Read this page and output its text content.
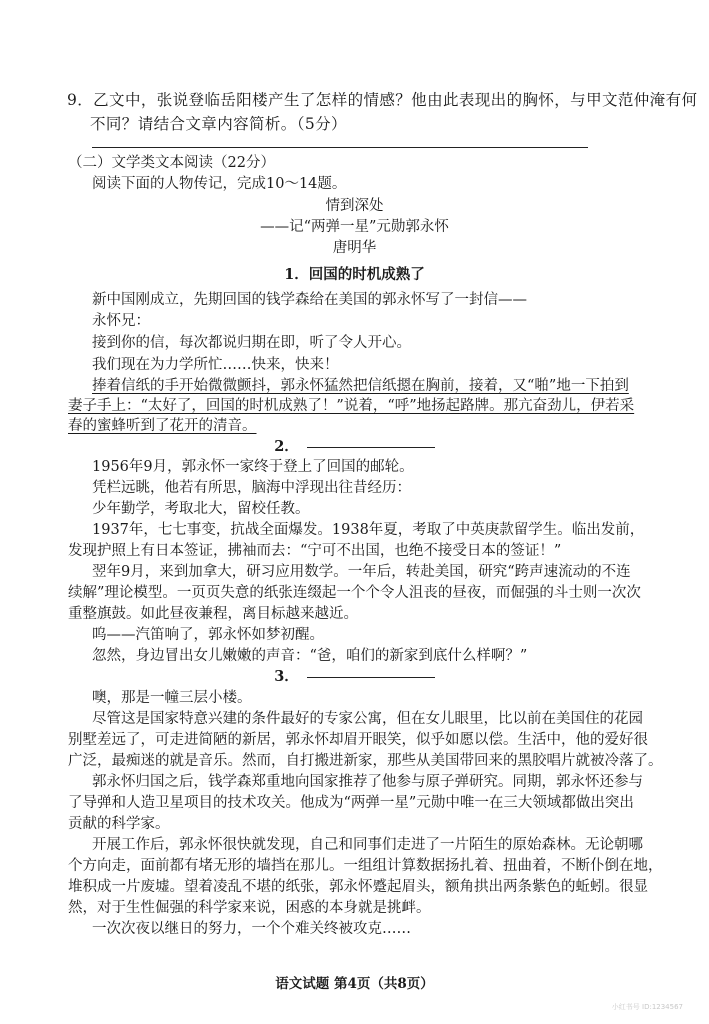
9．乙文中，张说登临岳阳楼产生了怎样的情感？他由此表现出的胸怀，与甲文范仲淹有何
不同？请结合文章内容简析。（5分）
（二）文学类文本阅读（22分）
阅读下面的人物传记，完成10～14题。
情到深处
——记“两弹一星”元勋郭永怀
唐明华
1．回国的时机成熟了
新中国刚成立，先期回国的钱学森给在美国的郭永怀写了一封信——
永怀兄：
接到你的信，每次都说归期在即，听了令人开心。
我们现在为力学所忙……快来，快来！
捧着信纸的手开始微微颤抖，郭永怀猛然把信纸摁在胸前，接着，又“啪”地一下拍到
妻子手上：“太好了，回国的时机成熟了！”说着，“呼”地扬起路牌。那亢奋劲儿，伊若采
春的蜜蜂听到了花开的清音。
2．
1956年9月，郭永怀一家终于登上了回国的邮轮。
凭栏远眺，他若有所思，脑海中浮现出往昔经历：
少年勤学，考取北大，留校任教。
1937年，七七事变，抗战全面爆发。1938年夏，考取了中英庚款留学生。临出发前，
发现护照上有日本签证，拂袖而去：“宁可不出国，也绝不接受日本的签证！”
翌年9月，来到加拿大，研习应用数学。一年后，转赴美国，研究“跨声速流动的不连
续解”理论模型。一页页失意的纸张连缀起一个个令人沮丧的昼夜，而倔强的斗士则一次次
重整旗鼓。如此昼夜兼程，离目标越来越近。
呜——汽笛响了，郭永怀如梦初醒。
忽然，身边冒出女儿嫩嫩的声音：“爸，咱们的新家到底什么样啊？”
3．
噢，那是一幢三层小楼。
尽管这是国家特意兴建的条件最好的专家公寓，但在女儿眼里，比以前在美国住的花园
别墅差远了，可走进简陋的新居，郭永怀却眉开眼笑，似乎如愿以偿。生活中，他的爱好很
广泛，最痴迷的就是音乐。然而，自打搬进新家，那些从美国带回来的黑胶唱片就被冷落了。
郭永怀归国之后，钱学森郑重地向国家推荐了他参与原子弹研究。同期，郭永怀还参与
了导弹和人造卫星项目的技术攻关。他成为“两弹一星”元勋中唯一在三大领域都做出突出
贡献的科学家。
开展工作后，郭永怀很快就发现，自己和同事们走进了一片陌生的原始森林。无论朝哪
个方向走，面前都有堵无形的墙挡在那儿。一组组计算数据扬扎着、扭曲着，不断仆倒在地，
堆积成一片废墟。望着凌乱不堪的纸张，郭永怀蹙起眉头，额角拱出两条紫色的蚯蚓。很显
然，对于生性倔强的科学家来说，困惑的本身就是挑衅。
一次次夜以继日的努力，一个个难关终被攻克……
语文试题 第4页（共8页）
小红书号 ID:1234567
